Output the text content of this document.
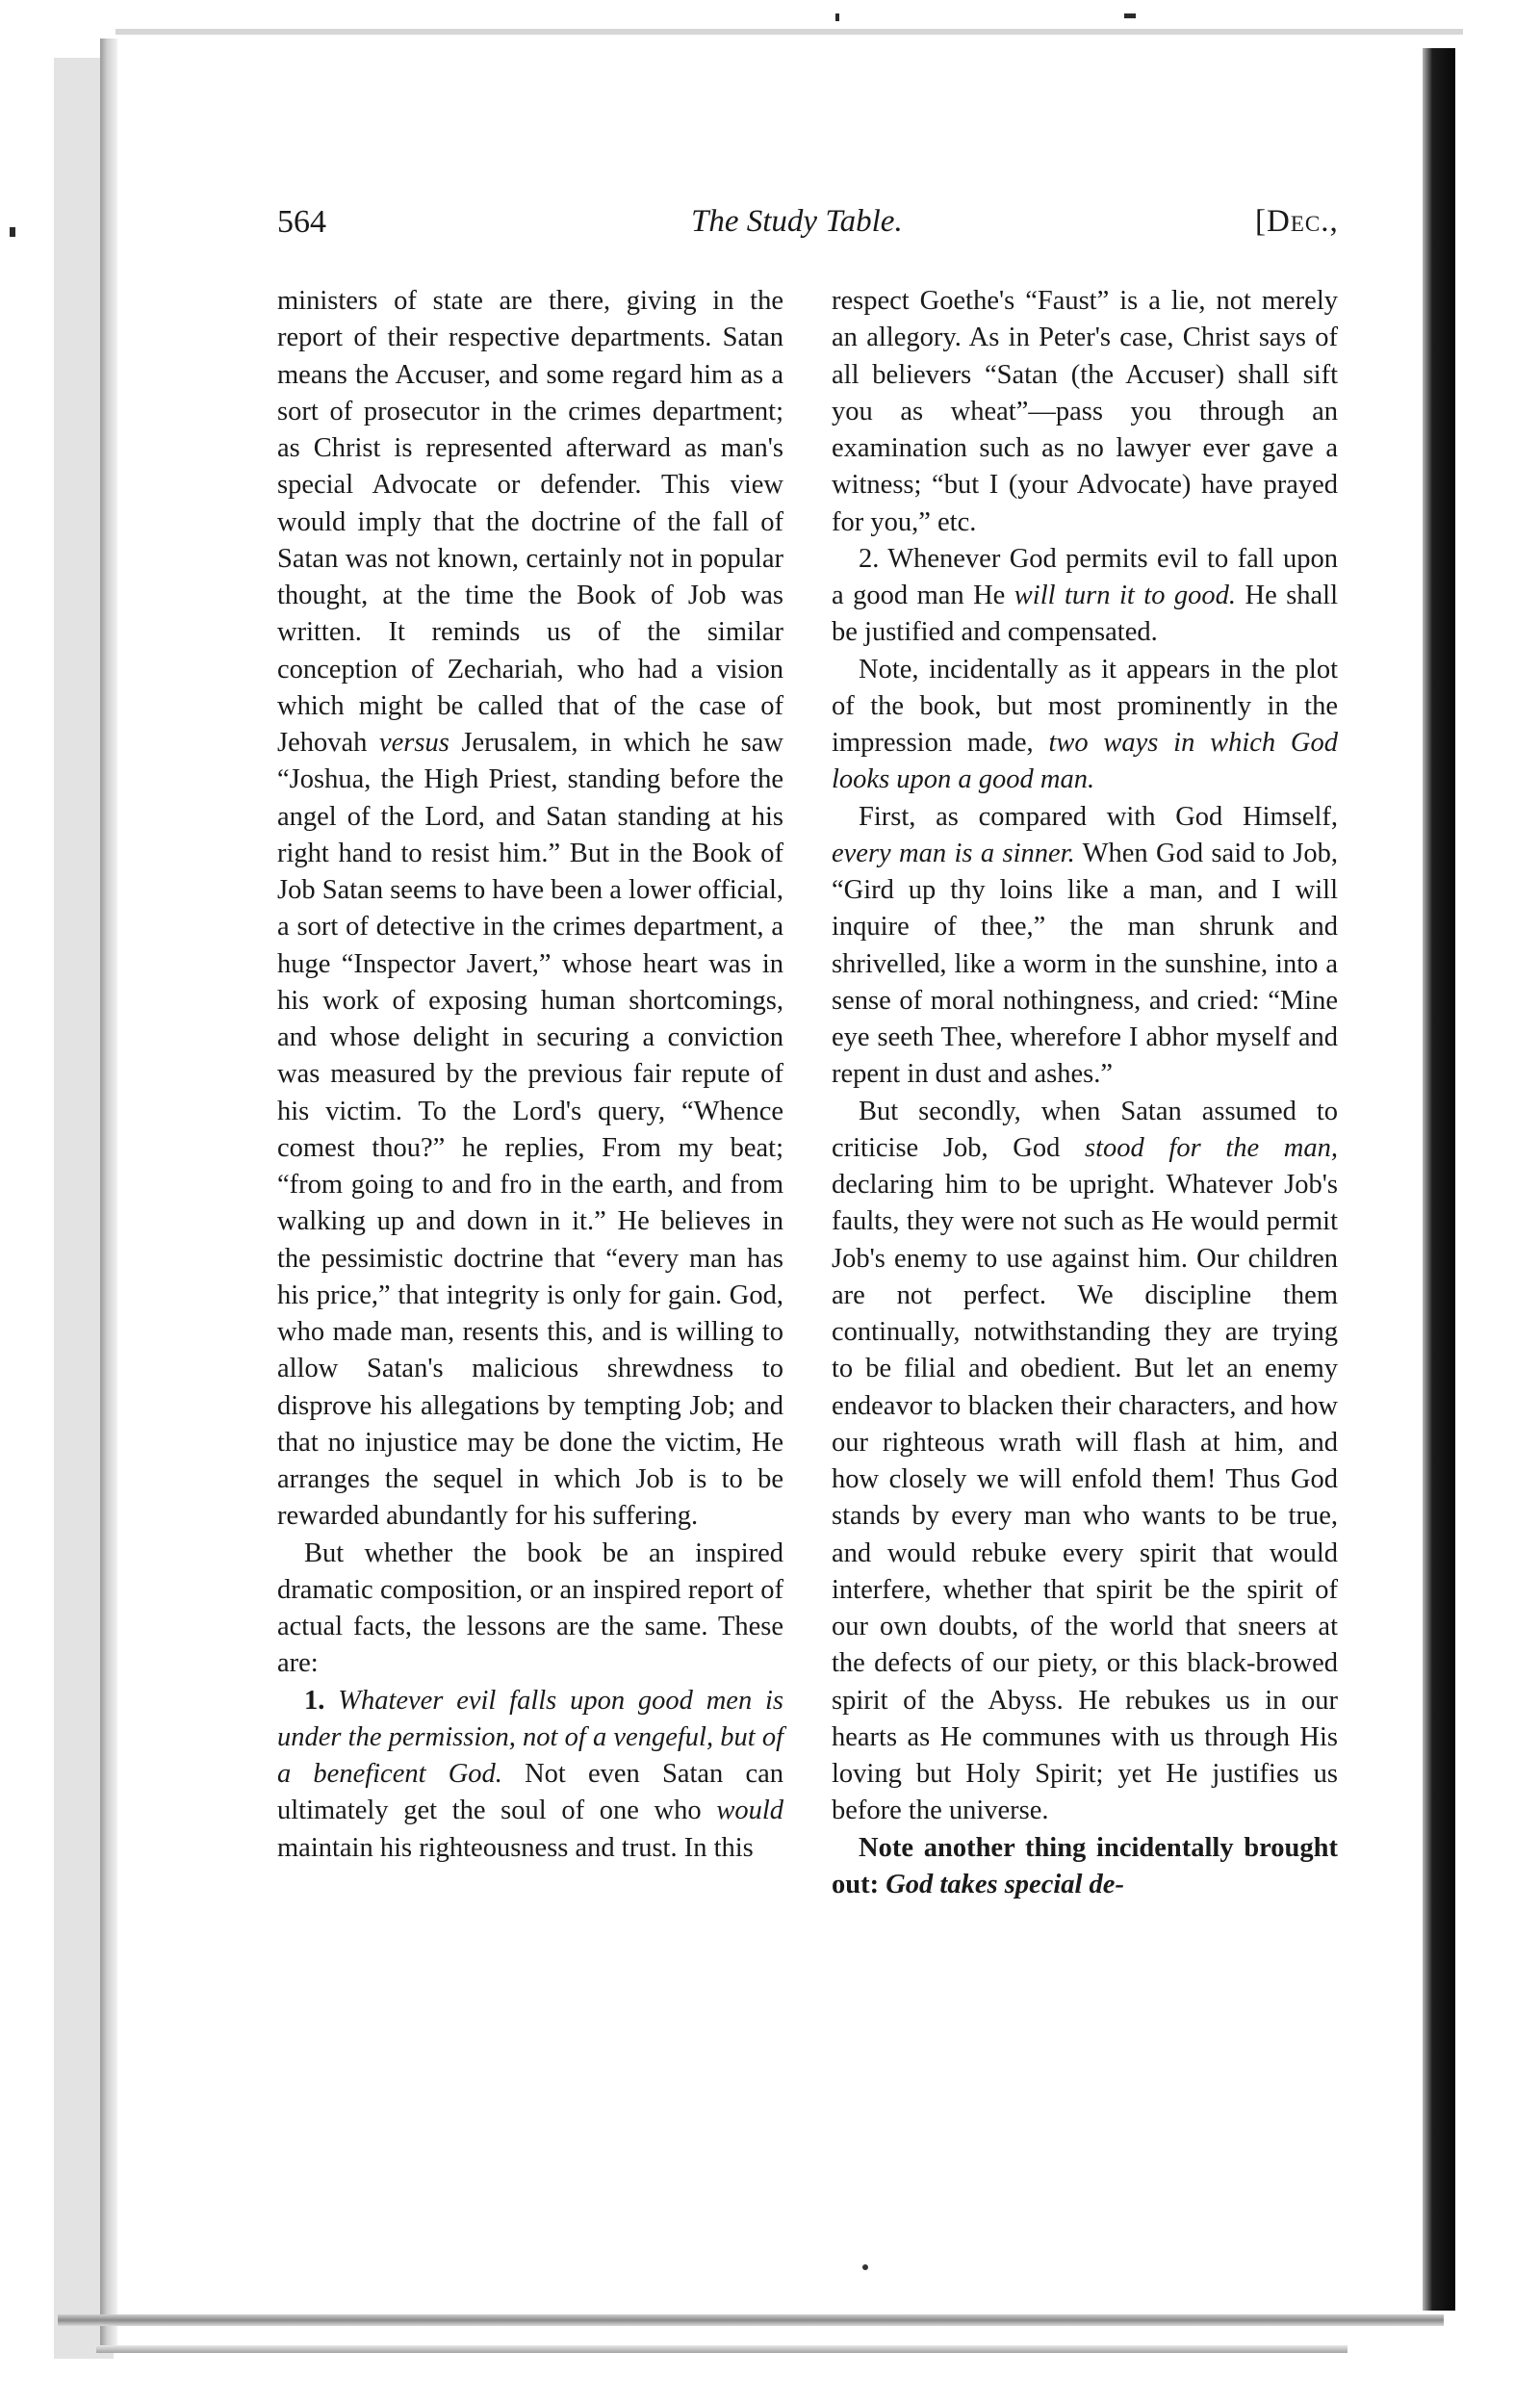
564	The Study Table.	[Dec.,

ministers of state are there, giving in the report of their respective departments. Satan means the Accuser, and some regard him as a sort of prosecutor in the crimes department; as Christ is represented afterward as man's special Advocate or defender. This view would imply that the doctrine of the fall of Satan was not known, certainly not in popular thought, at the time the Book of Job was written. It reminds us of the similar conception of Zechariah, who had a vision which might be called that of the case of Jehovah versus Jerusalem, in which he saw “Joshua, the High Priest, standing before the angel of the Lord, and Satan standing at his right hand to resist him.” But in the Book of Job Satan seems to have been a lower official, a sort of detective in the crimes department, a huge “Inspector Javert,” whose heart was in his work of exposing human shortcomings, and whose delight in securing a conviction was measured by the previous fair repute of his victim. To the Lord's query, “Whence comest thou?” he replies, From my beat; “from going to and fro in the earth, and from walking up and down in it.” He believes in the pessimistic doctrine that “every man has his price,” that integrity is only for gain. God, who made man, resents this, and is willing to allow Satan's malicious shrewdness to disprove his allegations by tempting Job; and that no injustice may be done the victim, He arranges the sequel in which Job is to be rewarded abundantly for his suffering.

But whether the book be an inspired dramatic composition, or an inspired report of actual facts, the lessons are the same. These are:

1. Whatever evil falls upon good men is under the permission, not of a vengeful, but of a beneficent God. Not even Satan can ultimately get the soul of one who would maintain his righteousness and trust. In this

respect Goethe's “Faust” is a lie, not merely an allegory. As in Peter's case, Christ says of all believers “Satan (the Accuser) shall sift you as wheat”—pass you through an examination such as no lawyer ever gave a witness; “but I (your Advocate) have prayed for you,” etc.

2. Whenever God permits evil to fall upon a good man He will turn it to good. He shall be justified and compensated.

Note, incidentally as it appears in the plot of the book, but most prominently in the impression made, two ways in which God looks upon a good man.

First, as compared with God Himself, every man is a sinner. When God said to Job, “Gird up thy loins like a man, and I will inquire of thee,” the man shrunk and shrivelled, like a worm in the sunshine, into a sense of moral nothingness, and cried: “Mine eye seeth Thee, wherefore I abhor myself and repent in dust and ashes.”

But secondly, when Satan assumed to criticise Job, God stood for the man, declaring him to be upright. Whatever Job's faults, they were not such as He would permit Job's enemy to use against him. Our children are not perfect. We discipline them continually, notwithstanding they are trying to be filial and obedient. But let an enemy endeavor to blacken their characters, and how our righteous wrath will flash at him, and how closely we will enfold them! Thus God stands by every man who wants to be true, and would rebuke every spirit that would interfere, whether that spirit be the spirit of our own doubts, of the world that sneers at the defects of our piety, or this black-browed spirit of the Abyss. He rebukes us in our hearts as He communes with us through His loving but Holy Spirit; yet He justifies us before the universe.

Note another thing incidentally brought out: God takes special de-
